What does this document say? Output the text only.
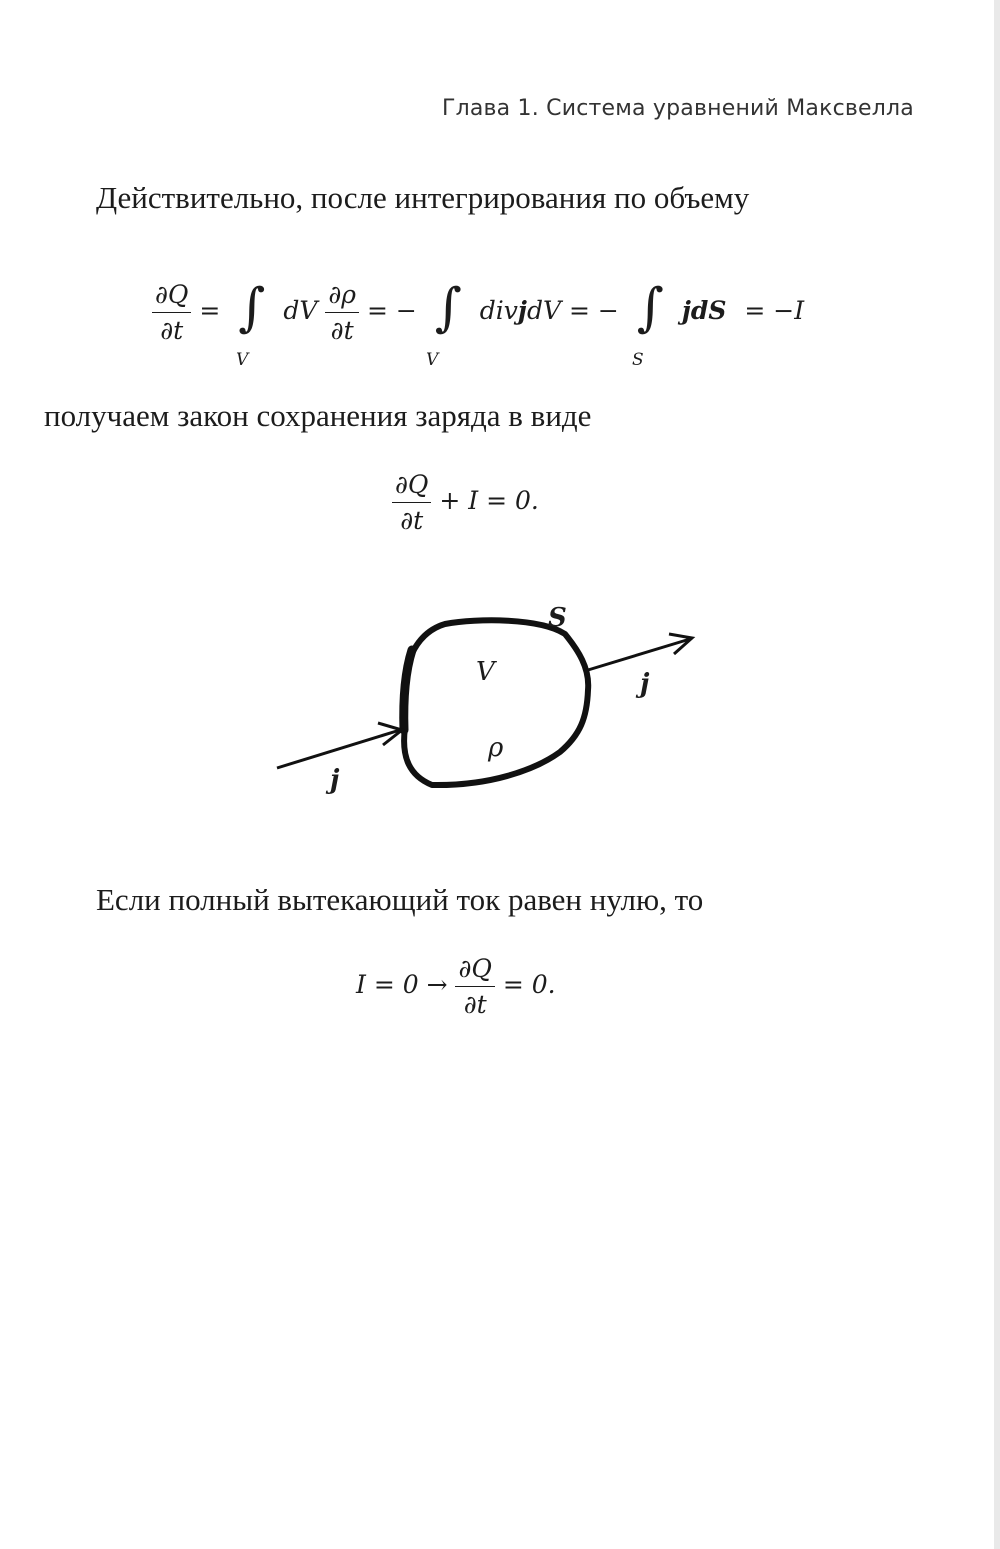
Глава 1. Система уравнений Максвелла
Действительно, после интегрирования по объему
$\frac{\partial Q}{\partial t}$ = ∫ dV $\frac{\partial\rho}{\partial t}$ = − ∫ divjdV = − ∫ jdS = −I
V	V	S
получаем закон сохранения заряда в виде
$\frac{\partial Q}{\partial t} + I = 0$.
S
V
ρ
j
j
Если полный вытекающий ток равен нулю, то
$I = 0 \to \frac{\partial Q}{\partial t} = 0$.
